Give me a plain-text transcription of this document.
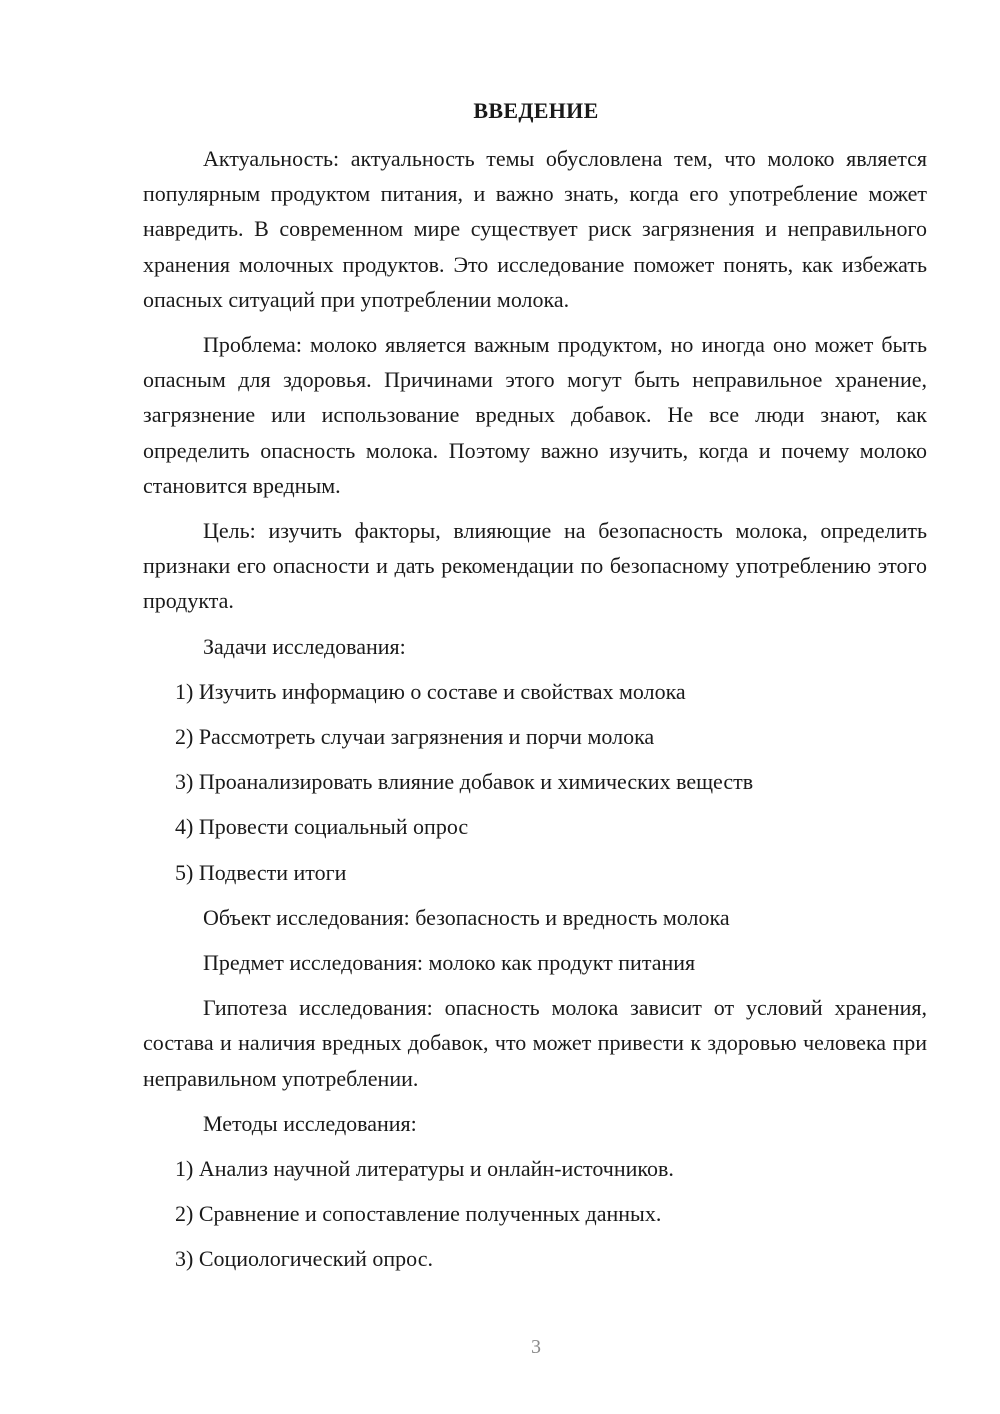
ВВЕДЕНИЕ

Актуальность: актуальность темы обусловлена тем, что молоко является популярным продуктом питания, и важно знать, когда его употребление может навредить. В современном мире существует риск загрязнения и неправильного хранения молочных продуктов. Это исследование поможет понять, как избежать опасных ситуаций при употреблении молока.

Проблема: молоко является важным продуктом, но иногда оно может быть опасным для здоровья. Причинами этого могут быть неправильное хранение, загрязнение или использование вредных добавок. Не все люди знают, как определить опасность молока. Поэтому важно изучить, когда и почему молоко становится вредным.

Цель: изучить факторы, влияющие на безопасность молока, определить признаки его опасности и дать рекомендации по безопасному употреблению этого продукта.

Задачи исследования:
1) Изучить информацию о составе и свойствах молока
2) Рассмотреть случаи загрязнения и порчи молока
3) Проанализировать влияние добавок и химических веществ
4) Провести социальный опрос
5) Подвести итоги
Объект исследования: безопасность и вредность молока
Предмет исследования: молоко как продукт питания

Гипотеза исследования: опасность молока зависит от условий хранения, состава и наличия вредных добавок, что может привести к здоровью человека при неправильном употреблении.

Методы исследования:
1) Анализ научной литературы и онлайн-источников.
2) Сравнение и сопоставление полученных данных.
3) Социологический опрос.
3
